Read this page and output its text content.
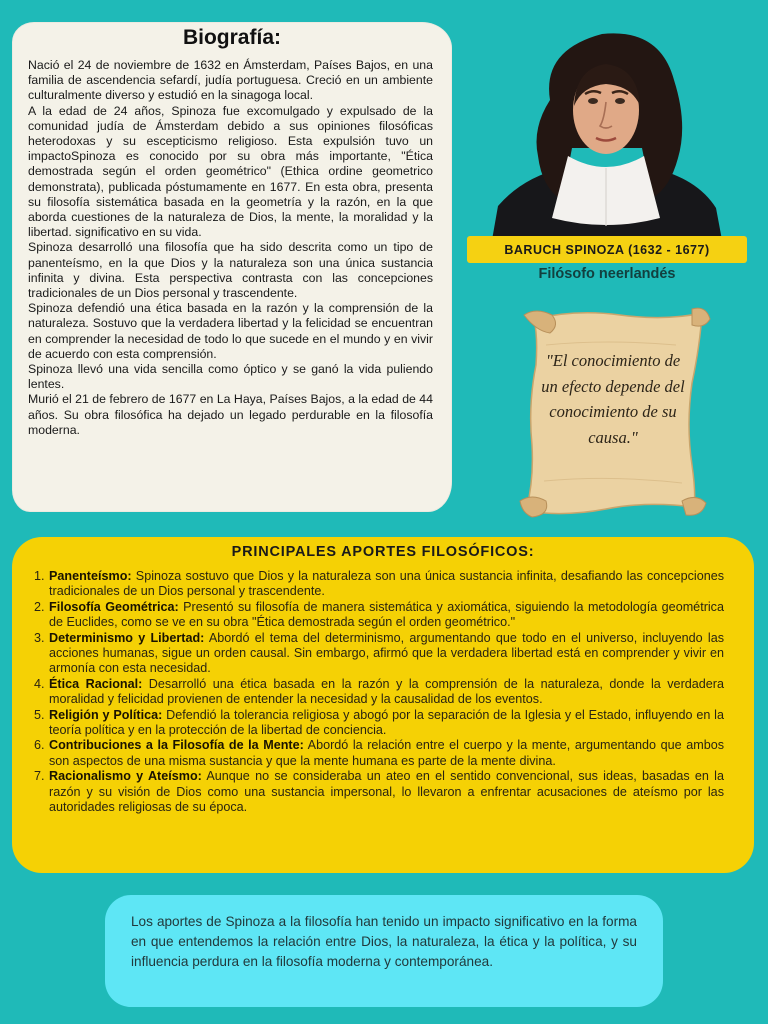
Biografía:

Nació el 24 de noviembre de 1632 en Ámsterdam, Países Bajos, en una familia de ascendencia sefardí, judía portuguesa. Creció en un ambiente culturalmente diverso y estudió en la sinagoga local.

A la edad de 24 años, Spinoza fue excomulgado y expulsado de la comunidad judía de Ámsterdam debido a sus opiniones filosóficas heterodoxas y su escepticismo religioso. Esta expulsión tuvo un impactoSpinoza es conocido por su obra más importante, "Ética demostrada según el orden geométrico" (Ethica ordine geometrico demonstrata), publicada póstumamente en 1677. En esta obra, presenta su filosofía sistemática basada en la geometría y la razón, en la que aborda cuestiones de la naturaleza de Dios, la mente, la moralidad y la libertad. significativo en su vida.

Spinoza desarrolló una filosofía que ha sido descrita como un tipo de panenteísmo, en la que Dios y la naturaleza son una única sustancia infinita y divina. Esta perspectiva contrasta con las concepciones tradicionales de un Dios personal y trascendente.

Spinoza defendió una ética basada en la razón y la comprensión de la naturaleza. Sostuvo que la verdadera libertad y la felicidad se encuentran en comprender la necesidad de todo lo que sucede en el mundo y en vivir de acuerdo con esta comprensión.

Spinoza llevó una vida sencilla como óptico y se ganó la vida puliendo lentes.

Murió el 21 de febrero de 1677 en La Haya, Países Bajos, a la edad de 44 años. Su obra filosófica ha dejado un legado perdurable en la filosofía moderna.

BARUCH SPINOZA (1632 - 1677)

Filósofo neerlandés

"El conocimiento de un efecto depende del conocimiento de su causa."

PRINCIPALES APORTES FILOSÓFICOS:
1. Panenteísmo: Spinoza sostuvo que Dios y la naturaleza son una única sustancia infinita, desafiando las concepciones tradicionales de un Dios personal y trascendente.
2. Filosofía Geométrica: Presentó su filosofía de manera sistemática y axiomática, siguiendo la metodología geométrica de Euclides, como se ve en su obra "Ética demostrada según el orden geométrico."
3. Determinismo y Libertad: Abordó el tema del determinismo, argumentando que todo en el universo, incluyendo las acciones humanas, sigue un orden causal. Sin embargo, afirmó que la verdadera libertad está en comprender y vivir en armonía con esta necesidad.
4. Ética Racional: Desarrolló una ética basada en la razón y la comprensión de la naturaleza, donde la verdadera moralidad y felicidad provienen de entender la necesidad y la causalidad de los eventos.
5. Religión y Política: Defendió la tolerancia religiosa y abogó por la separación de la Iglesia y el Estado, influyendo en la teoría política y en la protección de la libertad de conciencia.
6. Contribuciones a la Filosofía de la Mente: Abordó la relación entre el cuerpo y la mente, argumentando que ambos son aspectos de una misma sustancia y que la mente humana es parte de la mente divina.
7. Racionalismo y Ateísmo: Aunque no se consideraba un ateo en el sentido convencional, sus ideas, basadas en la razón y su visión de Dios como una sustancia impersonal, lo llevaron a enfrentar acusaciones de ateísmo por las autoridades religiosas de su época.

Los aportes de Spinoza a la filosofía han tenido un impacto significativo en la forma en que entendemos la relación entre Dios, la naturaleza, la ética y la política, y su influencia perdura en la filosofía moderna y contemporánea.
